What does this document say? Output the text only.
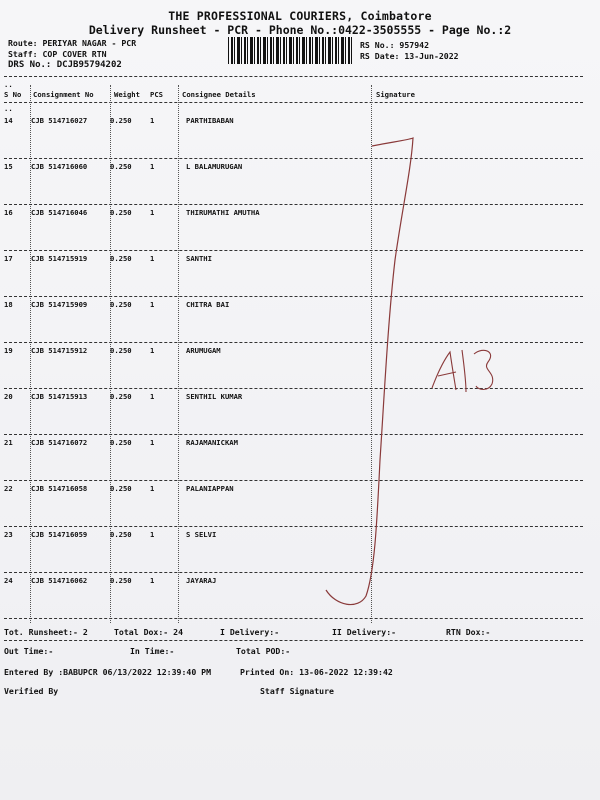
THE PROFESSIONAL COURIERS, Coimbatore
Delivery Runsheet - PCR - Phone No.:0422-3505555 - Page No.:2
Route: PERIYAR NAGAR - PCR
Staff: COP COVER RTN
DRS No.: DCJB95794202
RS No.: 957942
RS Date: 13-Jun-2022
..
S No Consignment No	Weight PCS	Consignee Details	Signature
..
14	CJB 514716027	0.250	1	PARTHIBABAN
15	CJB 514716060	0.250	1	L BALAMURUGAN
16	CJB 514716046	0.250	1	THIRUMATHI AMUTHA
17	CJB 514715919	0.250	1	SANTHI
18	CJB 514715909	0.250	1	CHITRA BAI
19	CJB 514715912	0.250	1	ARUMUGAM
20	CJB 514715913	0.250	1	SENTHIL KUMAR
21	CJB 514716072	0.250	1	RAJAMANICKAM
22	CJB 514716058	0.250	1	PALANIAPPAN
23	CJB 514716059	0.250	1	S SELVI
24	CJB 514716062	0.250	1	JAYARAJ
Tot. Runsheet:- 2	Total Dox:- 24	I Delivery:-	II Delivery:-	RTN Dox:-
Out Time:-	In Time:-	Total POD:-
Entered By :BABUPCR 06/13/2022 12:39:40 PM	Printed On: 13-06-2022 12:39:42
Verified By	Staff Signature
